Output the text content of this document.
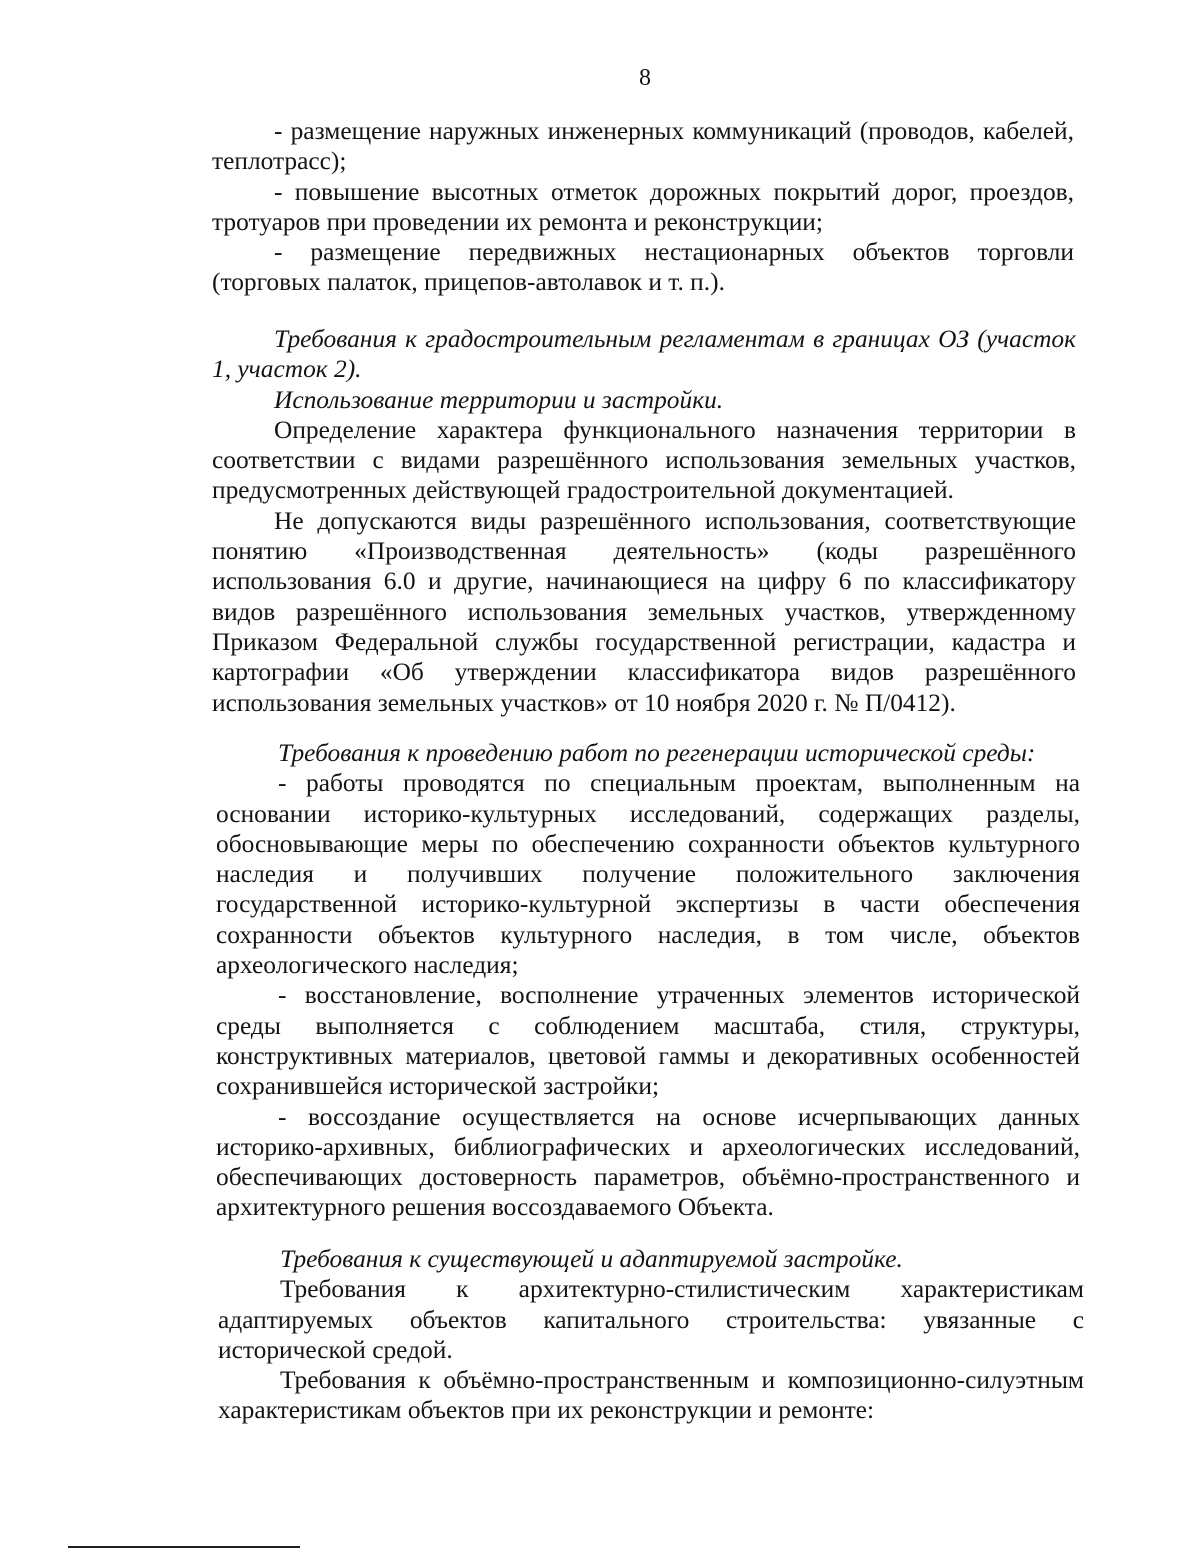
8

- размещение наружных инженерных коммуникаций (проводов, кабелей, теплотрасс);

- повышение высотных отметок дорожных покрытий дорог, проездов, тротуаров при проведении их ремонта и реконструкции;

- размещение передвижных нестационарных объектов торговли (торговых палаток, прицепов-автолавок и т. п.).

Требования к градостроительным регламентам в границах ОЗ (участок 1, участок 2).

Использование территории и застройки.

Определение характера функционального назначения территории в соответствии с видами разрешённого использования земельных участков, предусмотренных действующей градостроительной документацией.

Не допускаются виды разрешённого использования, соответствующие понятию «Производственная деятельность» (коды разрешённого использования 6.0 и другие, начинающиеся на цифру 6 по классификатору видов разрешённого использования земельных участков, утвержденному Приказом Федеральной службы государственной регистрации, кадастра и картографии «Об утверждении классификатора видов разрешённого использования земельных участков» от 10 ноября 2020 г. № П/0412).

Требования к проведению работ по регенерации исторической среды:

- работы проводятся по специальным проектам, выполненным на основании историко-культурных исследований, содержащих разделы, обосновывающие меры по обеспечению сохранности объектов культурного наследия и получивших получение положительного заключения государственной историко-культурной экспертизы в части обеспечения сохранности объектов культурного наследия, в том числе, объектов археологического наследия;

- восстановление, восполнение утраченных элементов исторической среды выполняется с соблюдением масштаба, стиля, структуры, конструктивных материалов, цветовой гаммы и декоративных особенностей сохранившейся исторической застройки;

- воссоздание осуществляется на основе исчерпывающих данных историко-архивных, библиографических и археологических исследований, обеспечивающих достоверность параметров, объёмно-пространственного и архитектурного решения воссоздаваемого Объекта.

Требования к существующей и адаптируемой застройке.

Требования к архитектурно-стилистическим характеристикам адаптируемых объектов капитального строительства: увязанные с исторической средой.

Требования к объёмно-пространственным и композиционно-силуэтным характеристикам объектов при их реконструкции и ремонте:
